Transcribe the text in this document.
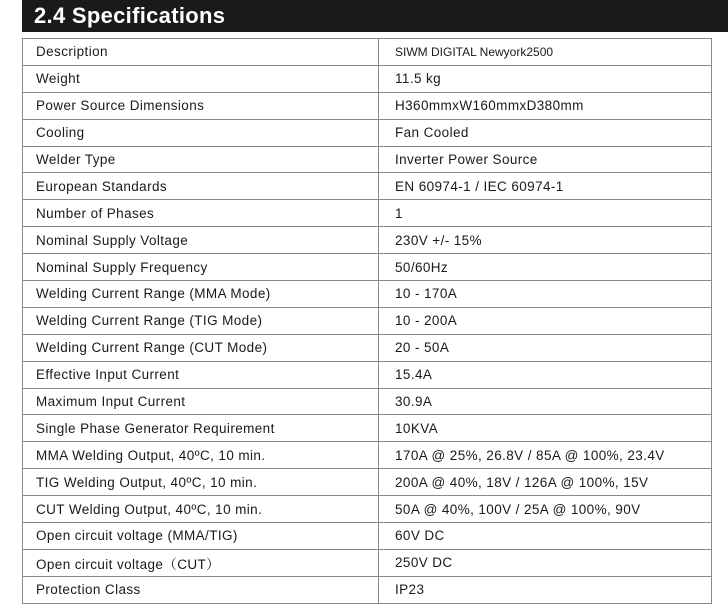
2.4 Specifications
Description	SIWM DIGITAL Newyork2500
Weight	11.5 kg
Power Source Dimensions	H360mmxW160mmxD380mm
Cooling	Fan Cooled
Welder Type	Inverter Power Source
European Standards	EN 60974-1 / IEC 60974-1
Number of Phases	1
Nominal Supply Voltage	230V +/- 15%
Nominal Supply Frequency	50/60Hz
Welding Current Range (MMA Mode)	10 - 170A
Welding Current Range (TIG Mode)	10 - 200A
Welding Current Range (CUT Mode)	20 - 50A
Effective Input Current	15.4A
Maximum Input Current	30.9A
Single Phase Generator Requirement	10KVA
MMA Welding Output, 40ºC, 10 min.	170A @ 25%, 26.8V / 85A @ 100%, 23.4V
TIG Welding Output, 40ºC, 10 min.	200A @ 40%, 18V / 126A @ 100%, 15V
CUT Welding Output, 40ºC, 10 min.	50A @ 40%, 100V / 25A @ 100%, 90V
Open circuit voltage (MMA/TIG)	60V DC
Open circuit voltage（CUT）	250V DC
Protection Class	IP23
